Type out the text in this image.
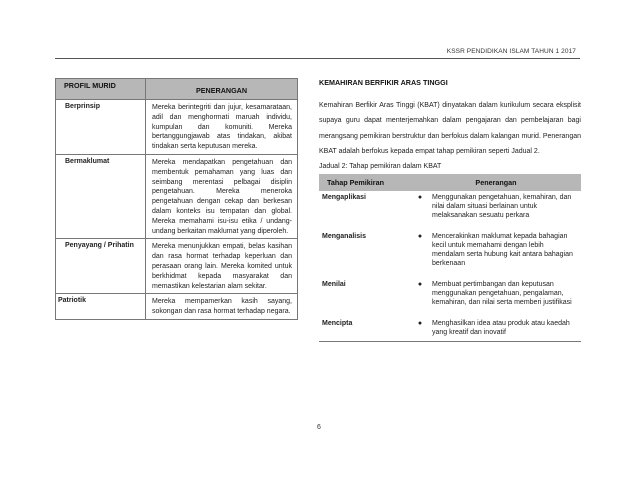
KSSR PENDIDIKAN ISLAM TAHUN 1 2017
PROFIL MURID	PENERANGAN
Berprinsip	Mereka berintegriti dan jujur, kesamarataan, adil dan menghormati maruah individu, kumpulan dan komuniti. Mereka bertanggungjawab atas tindakan, akibat tindakan serta keputusan mereka.
Bermaklumat	Mereka mendapatkan pengetahuan dan membentuk pemahaman yang luas dan seimbang merentasi pelbagai disiplin pengetahuan. Mereka meneroka pengetahuan dengan cekap dan berkesan dalam konteks isu tempatan dan global. Mereka memahami isu-isu etika / undang-undang berkaitan maklumat yang diperoleh.
Penyayang / Prihatin	Mereka menunjukkan empati, belas kasihan dan rasa hormat terhadap keperluan dan perasaan orang lain. Mereka komited untuk berkhidmat kepada masyarakat dan memastikan kelestarian alam sekitar.
Patriotik	Mereka mempamerkan kasih sayang, sokongan dan rasa hormat terhadap negara.

KEMAHIRAN BERFIKIR ARAS TINGGI

Kemahiran Berfikir Aras Tinggi (KBAT) dinyatakan dalam kurikulum secara eksplisit supaya guru dapat menterjemahkan dalam pengajaran dan pembelajaran bagi merangsang pemikiran berstruktur dan berfokus dalam kalangan murid. Penerangan KBAT adalah berfokus kepada empat tahap pemikiran seperti Jadual 2.

Jadual 2: Tahap pemikiran dalam KBAT

Tahap Pemikiran	Penerangan	
Mengaplikasi	●	Menggunakan pengetahuan, kemahiran, dan nilai dalam situasi berlainan untuk melaksanakan sesuatu perkara
Menganalisis	●	Mencerakinkan maklumat kepada bahagian kecil untuk memahami dengan lebih mendalam serta hubung kait antara bahagian berkenaan
Menilai	●	Membuat pertimbangan dan keputusan menggunakan pengetahuan, pengalaman, kemahiran, dan nilai serta memberi justifikasi
Mencipta	●	Menghasilkan idea atau produk atau kaedah yang kreatif dan inovatif
6
